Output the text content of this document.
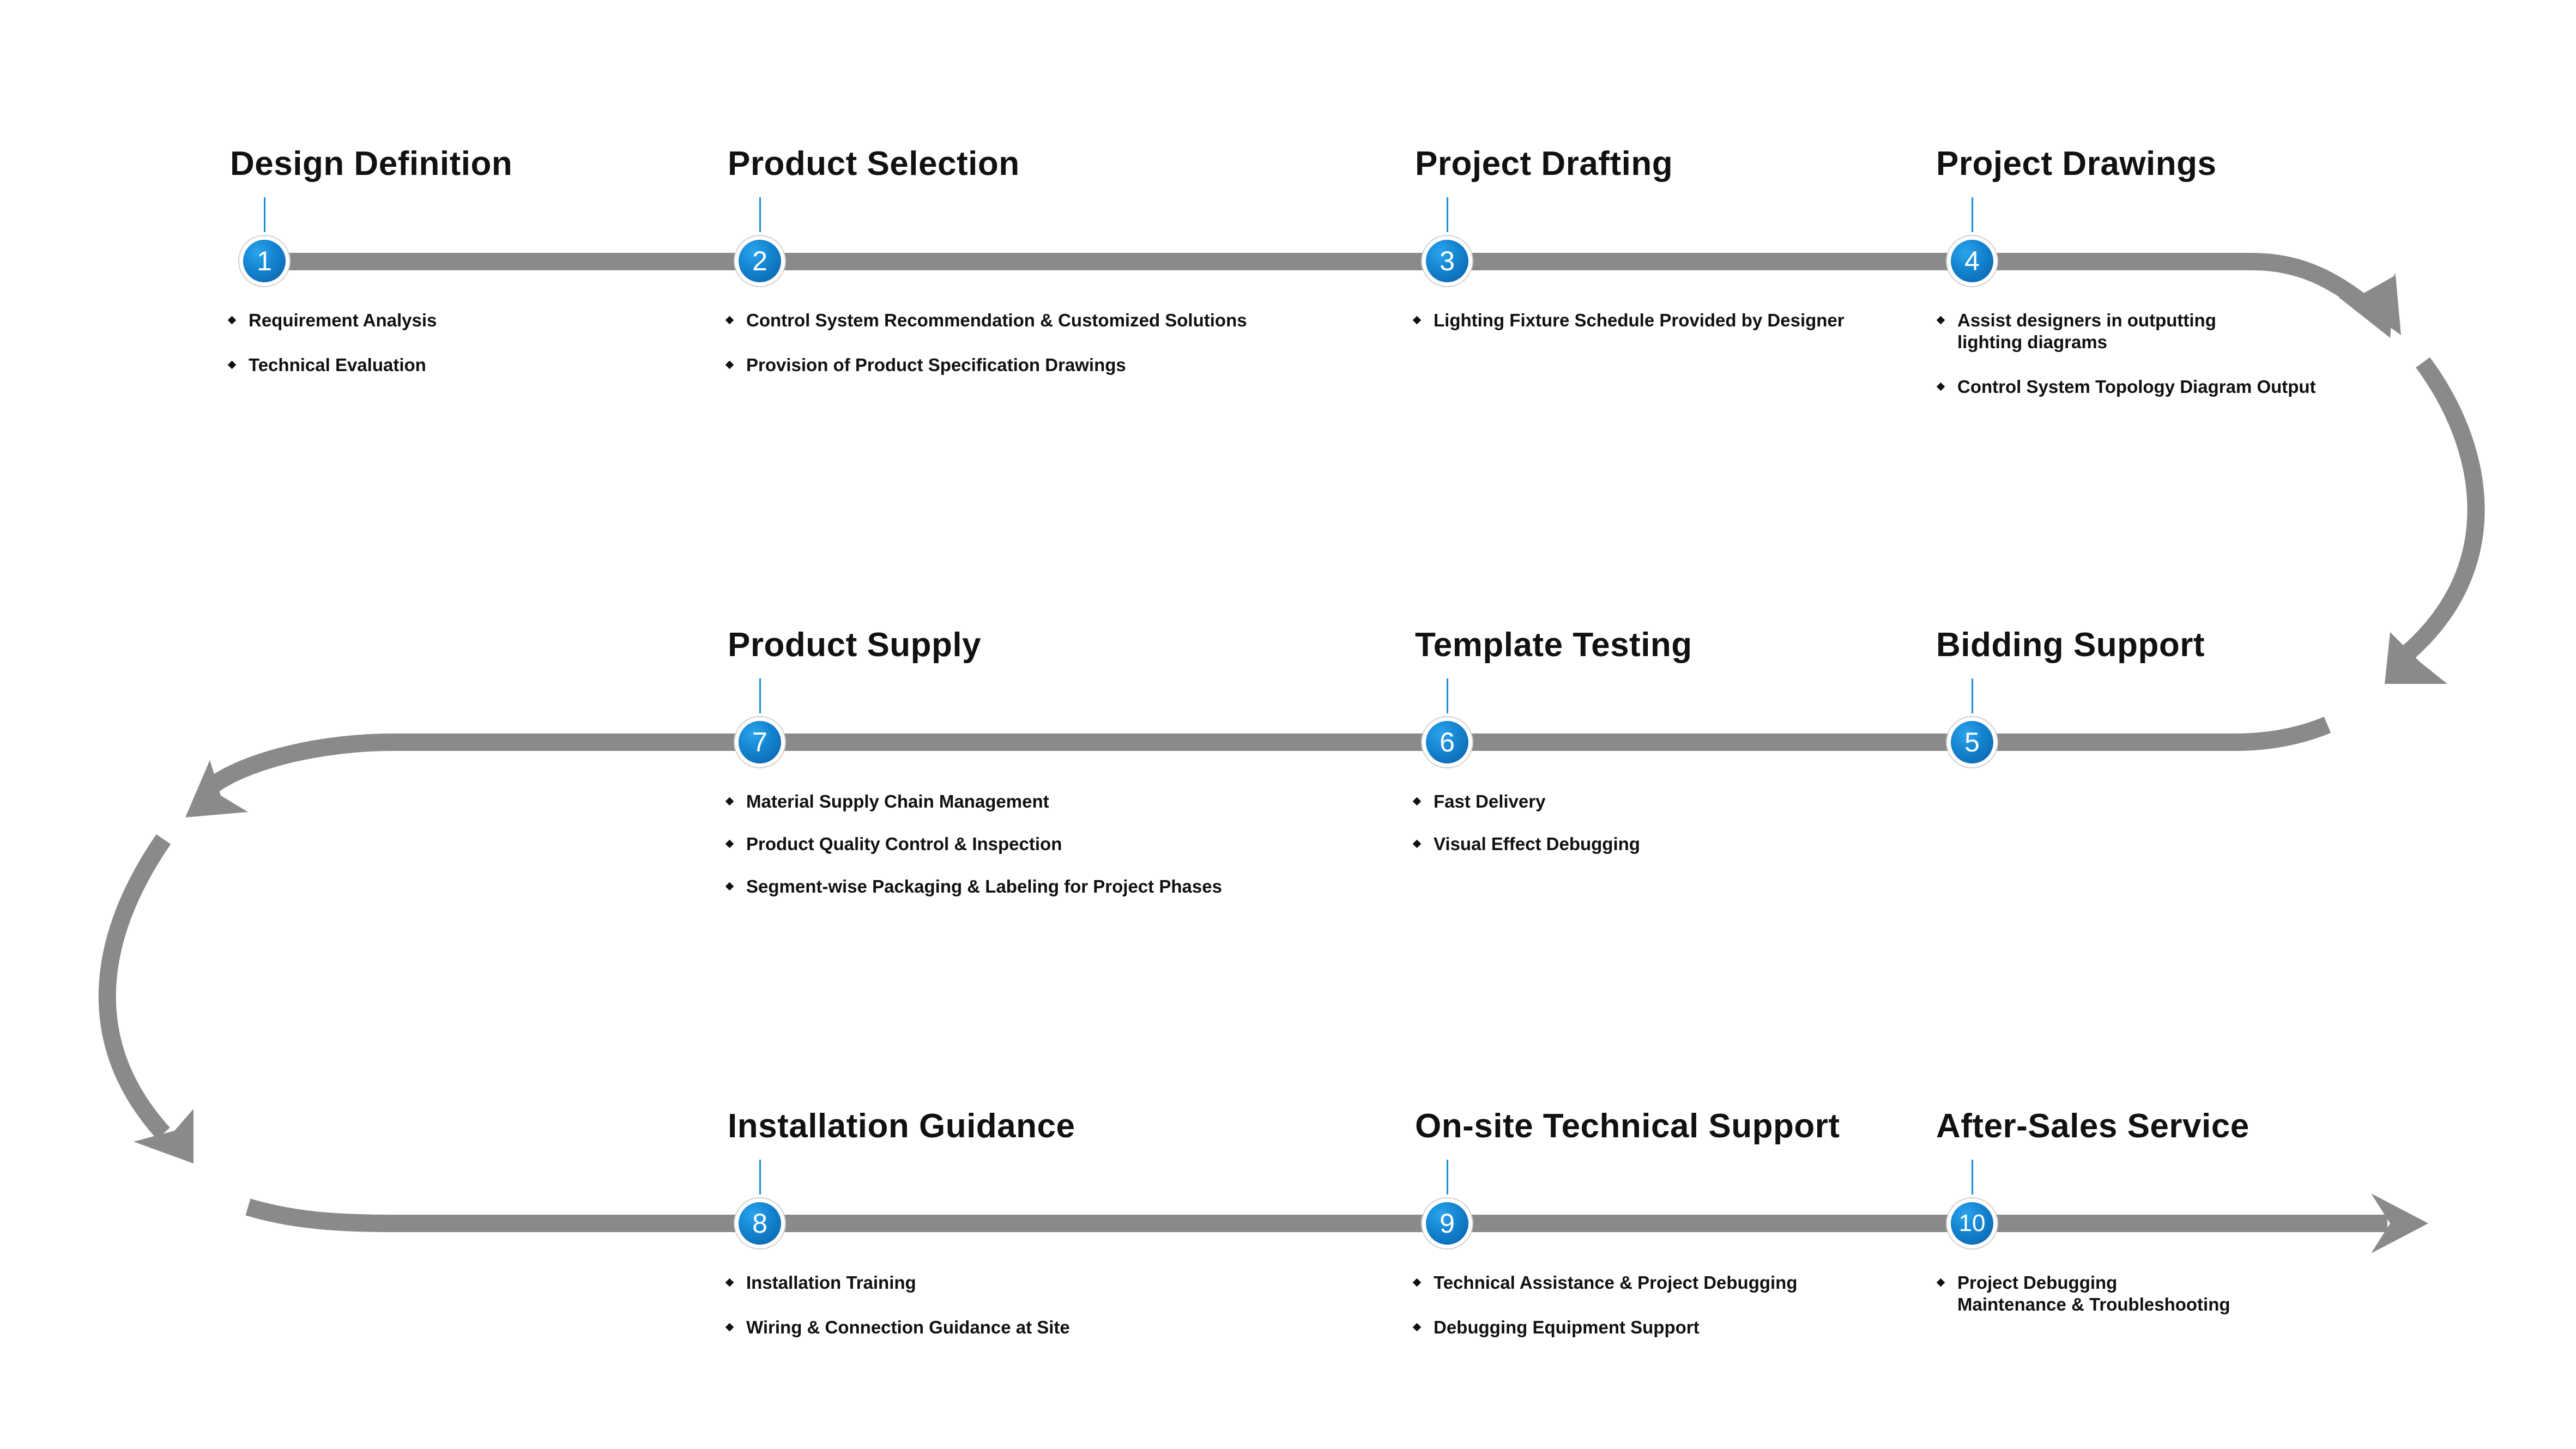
Design Definition
1
Requirement Analysis
Technical Evaluation
Product Selection
2
Control System Recommendation & Customized Solutions
Provision of Product Specification Drawings
Project Drafting
3
Lighting Fixture Schedule Provided by Designer
Project Drawings
4
Assist designers in outputting
lighting diagrams
Control System Topology Diagram Output
Bidding Support
5
Template Testing
6
Fast Delivery
Visual Effect Debugging
Product Supply
7
Material Supply Chain Management
Product Quality Control & Inspection
Segment-wise Packaging & Labeling for Project Phases
Installation Guidance
8
Installation Training
Wiring & Connection Guidance at Site
On-site Technical Support
9
Technical Assistance & Project Debugging
Debugging Equipment Support
After-Sales Service
10
Project Debugging
Maintenance & Troubleshooting
